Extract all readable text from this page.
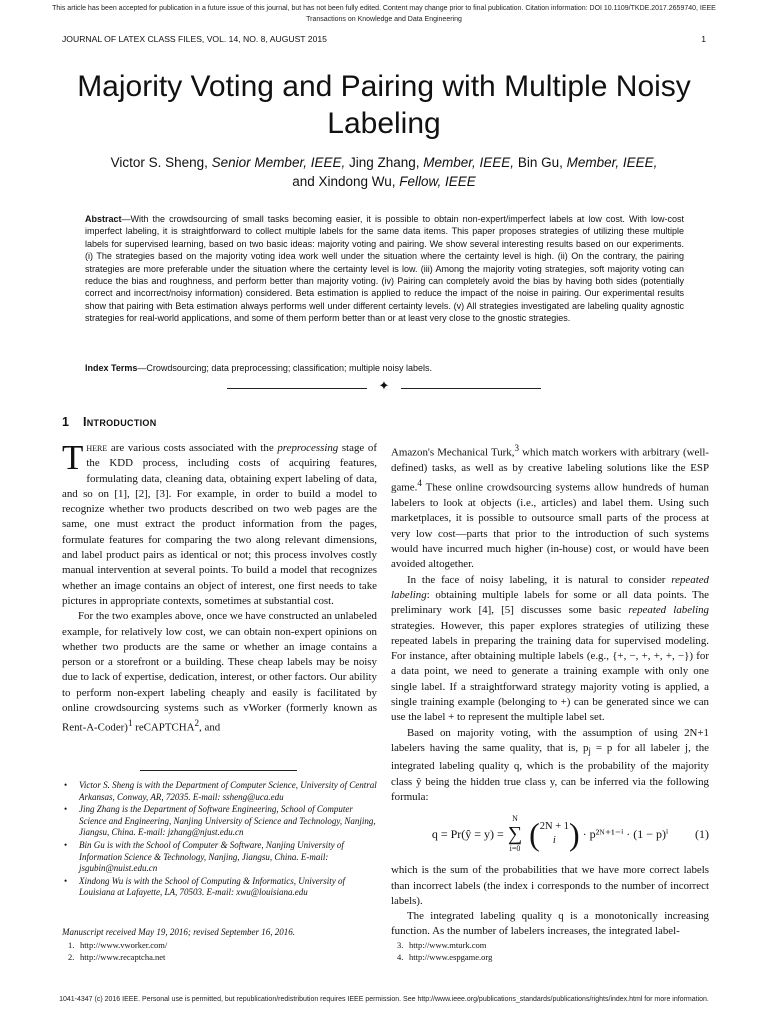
This article has been accepted for publication in a future issue of this journal, but has not been fully edited. Content may change prior to final publication. Citation information: DOI 10.1109/TKDE.2017.2659740, IEEE
Transactions on Knowledge and Data Engineering
JOURNAL OF LATEX CLASS FILES, VOL. 14, NO. 8, AUGUST 2015	1
Majority Voting and Pairing with Multiple Noisy Labeling
Victor S. Sheng, Senior Member, IEEE, Jing Zhang, Member, IEEE, Bin Gu, Member, IEEE,
and Xindong Wu, Fellow, IEEE
Abstract—With the crowdsourcing of small tasks becoming easier, it is possible to obtain non-expert/imperfect labels at low cost. With low-cost imperfect labeling, it is straightforward to collect multiple labels for the same data items. This paper proposes strategies of utilizing these multiple labels for supervised learning, based on two basic ideas: majority voting and pairing. We show several interesting results based on our experiments. (i) The strategies based on the majority voting idea work well under the situation where the certainty level is high. (ii) On the contrary, the pairing strategies are more preferable under the situation where the certainty level is low. (iii) Among the majority voting strategies, soft majority voting can reduce the bias and roughness, and perform better than majority voting. (iv) Pairing can completely avoid the bias by having both sides (potentially correct and incorrect/noisy information) considered. Beta estimation is applied to reduce the impact of the noise in pairing. Our experimental results show that pairing with Beta estimation always performs well under different certainty levels. (v) All strategies investigated are labeling quality agnostic strategies for real-world applications, and some of them perform better than or at least very close to the gnostic strategies.
Index Terms—Crowdsourcing; data preprocessing; classification; multiple noisy labels.
✦
1 Introduction

There are various costs associated with the preprocessing stage of the KDD process, including costs of acquiring features, formulating data, cleaning data, obtaining expert labeling of data, and so on [1], [2], [3]. For example, in order to build a model to recognize whether two products described on two web pages are the same, one must extract the product information from the pages, formulate features for comparing the two along relevant dimensions, and label product pairs as identical or not; this process involves costly manual intervention at several points. To build a model that recognizes whether an image contains an object of interest, one first needs to take pictures in appropriate contexts, sometimes at substantial cost.

For the two examples above, once we have constructed an unlabeled example, for relatively low cost, we can obtain non-expert opinions on whether two products are the same or whether an image contains a person or a storefront or a building. These cheap labels may be noisy due to lack of expertise, dedication, interest, or other factors. Our ability to perform non-expert labeling cheaply and easily is facilitated by online crowdsourcing systems such as vWorker (formerly known as Rent-A-Coder)$^1$ reCAPTCHA$^2$, and

Amazon's Mechanical Turk,$^3$ which match workers with arbitrary (well-defined) tasks, as well as by creative labeling solutions like the ESP game.$^4$ These online crowdsourcing systems allow hundreds of human labelers to look at objects (i.e., articles) and label them. Using such marketplaces, it is possible to outsource small parts of the process at very low cost—parts that prior to the introduction of such systems would have incurred much higher (in-house) cost, or would have been avoided altogether.

In the face of noisy labeling, it is natural to consider repeated labeling: obtaining multiple labels for some or all data points. The preliminary work [4], [5] discusses some basic repeated labeling strategies. However, this paper explores strategies of utilizing these repeated labels in preparing the training data for supervised modeling. For instance, after obtaining multiple labels (e.g., {+, −, +, +, +, −}) for a data point, we need to generate a training example with only one single label. If a straightforward strategy majority voting is applied, a single training example (belonging to +) can be generated since we can use the label + to represent the multiple label set.

Based on majority voting, with the assumption of using 2N+1 labelers having the same quality, that is, $p_j = p$ for all labeler j, the integrated labeling quality q, which is the probability of the majority class ŷ being the hidden true class y, can be inferred via the following formula:

q = Pr(ŷ = y) =
N
∑
i=0 ( 2N + 1
i ) · p²ᴺ⁺¹⁻ⁱ · (1 − p)ⁱ (1)

which is the sum of the probabilities that we have more correct labels than incorrect labels (the index i corresponds to the number of incorrect labels).

The integrated labeling quality q is a monotonically increasing function. As the number of labelers increases, the integrated label-

• Victor S. Sheng is with the Department of Computer Science, University of Central Arkansas, Conway, AR, 72035. E-mail: ssheng@uca.edu
• Jing Zhang is the Department of Software Engineering, School of Computer Science and Engineering, Nanjing University of Science and Technology, Nanjing, Jiangsu, China. E-mail: jzhang@njust.edu.cn
• Bin Gu is with the School of Computer & Software, Nanjing University of Information Science & Technology, Nanjing, Jiangsu, China. E-mail: jsgubin@nuist.edu.cn
• Xindong Wu is with the School of Computing & Informatics, University of Louisiana at Lafayette, LA, 70503. E-mail: xwu@louisiana.edu
Manuscript received May 19, 2016; revised September 16, 2016.
1. http://www.vworker.com/
2. http://www.recaptcha.net
3. http://www.mturk.com
4. http://www.espgame.org
1041-4347 (c) 2016 IEEE. Personal use is permitted, but republication/redistribution requires IEEE permission. See http://www.ieee.org/publications_standards/publications/rights/index.html for more information.
